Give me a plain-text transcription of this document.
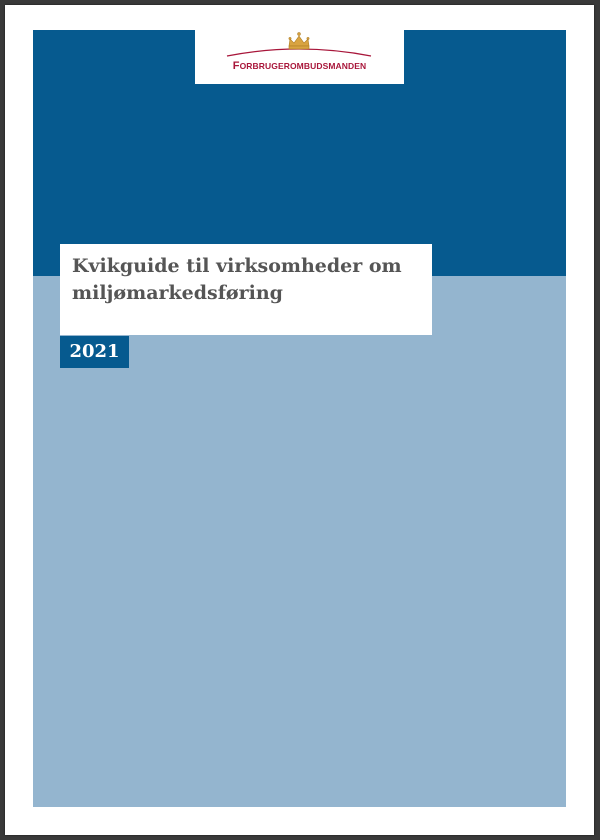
FORBRUGEROMBUDSMANDEN
Kvikguide til virksomheder om miljømarkedsføring
2021
